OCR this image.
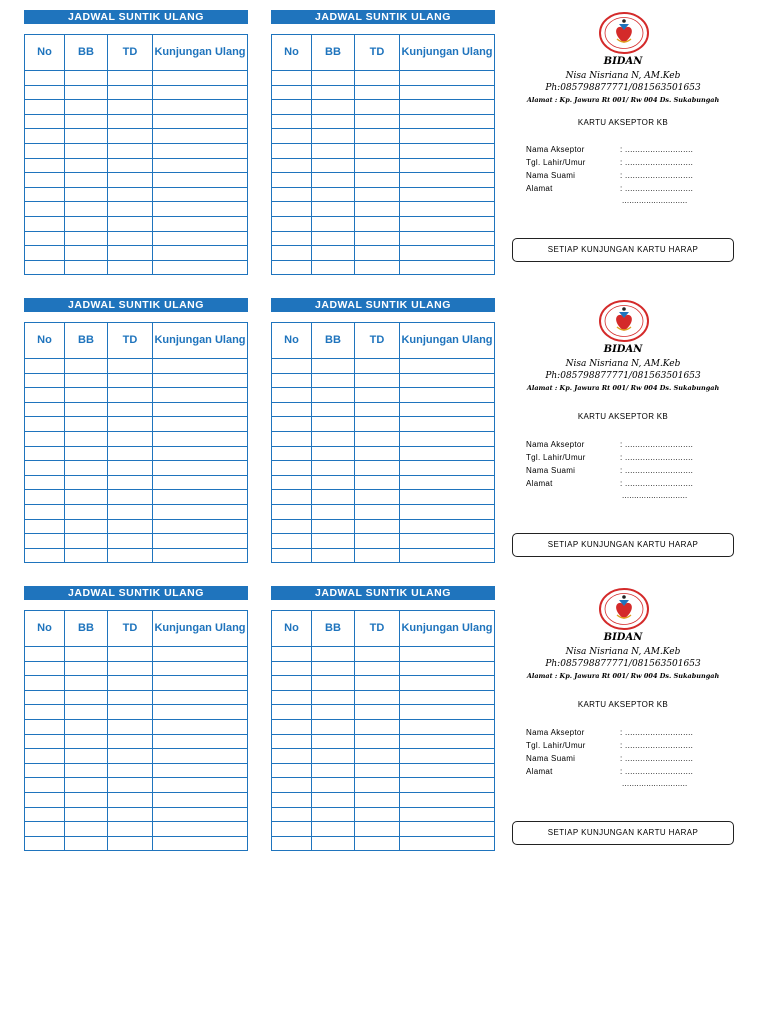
JADWAL SUNTIK ULANG
No	BB	TD	Kunjungan Ulang

JADWAL SUNTIK ULANG
No	BB	TD	Kunjungan Ulang

BIDAN
Nisa Nisriana N, AM.Keb
Ph:085798877771/081563501653
Alamat : Kp. Jawura Rt 001/ Rw 004 Ds. Sukabungah
KARTU AKSEPTOR KB
Nama Akseptor	: ...........................
Tgl. Lahir/Umur	: ...........................
Nama Suami	: ...........................
Alamat	: ...........................
...........................
SETIAP KUNJUNGAN KARTU HARAP
JADWAL SUNTIK ULANG
No	BB	TD	Kunjungan Ulang

JADWAL SUNTIK ULANG
No	BB	TD	Kunjungan Ulang

BIDAN
Nisa Nisriana N, AM.Keb
Ph:085798877771/081563501653
Alamat : Kp. Jawura Rt 001/ Rw 004 Ds. Sukabungah
KARTU AKSEPTOR KB
Nama Akseptor	: ...........................
Tgl. Lahir/Umur	: ...........................
Nama Suami	: ...........................
Alamat	: ...........................
...........................
SETIAP KUNJUNGAN KARTU HARAP
JADWAL SUNTIK ULANG
No	BB	TD	Kunjungan Ulang

JADWAL SUNTIK ULANG
No	BB	TD	Kunjungan Ulang

BIDAN
Nisa Nisriana N, AM.Keb
Ph:085798877771/081563501653
Alamat : Kp. Jawura Rt 001/ Rw 004 Ds. Sukabungah
KARTU AKSEPTOR KB
Nama Akseptor	: ...........................
Tgl. Lahir/Umur	: ...........................
Nama Suami	: ...........................
Alamat	: ...........................
...........................
SETIAP KUNJUNGAN KARTU HARAP
